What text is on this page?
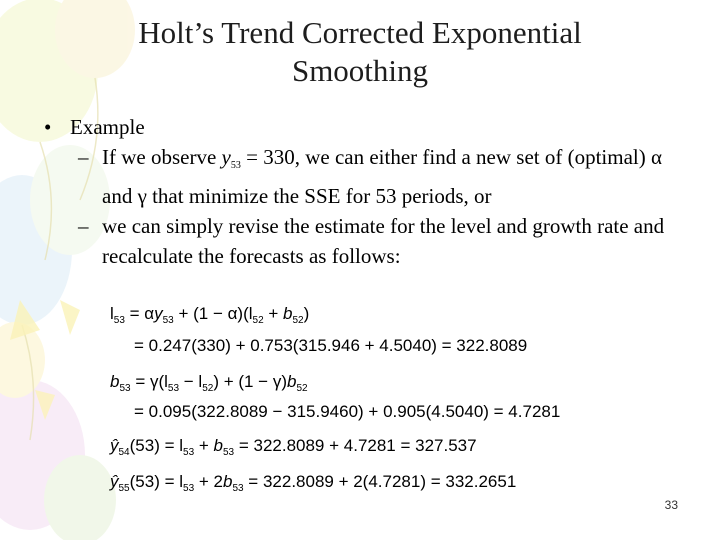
Holt’s Trend Corrected Exponential
Smoothing
• Example
– If we observe $y_{53} = 330$, we can either find a new set of (optimal) α and γ that minimize the SSE for 53 periods, or
– we can simply revise the estimate for the level and growth rate and recalculate the forecasts as follows:
$l_{53} = \alpha y_{53} + (1 - \alpha)(l_{52} + b_{52})$
= 0.247(330) + 0.753(315.946 + 4.5040) = 322.8089
$b_{53} = \gamma(l_{53} - l_{52}) + (1 - \gamma)b_{52}$
= 0.095(322.8089 − 315.9460) + 0.905(4.5040) = 4.7281
$ŷ_{54}(53) = l_{53} + b_{53} = 322.8089 + 4.7281 = 327.537$
$ŷ_{55}(53) = l_{53} + 2b_{53} = 322.8089 + 2(4.7281) = 332.2651$
33
